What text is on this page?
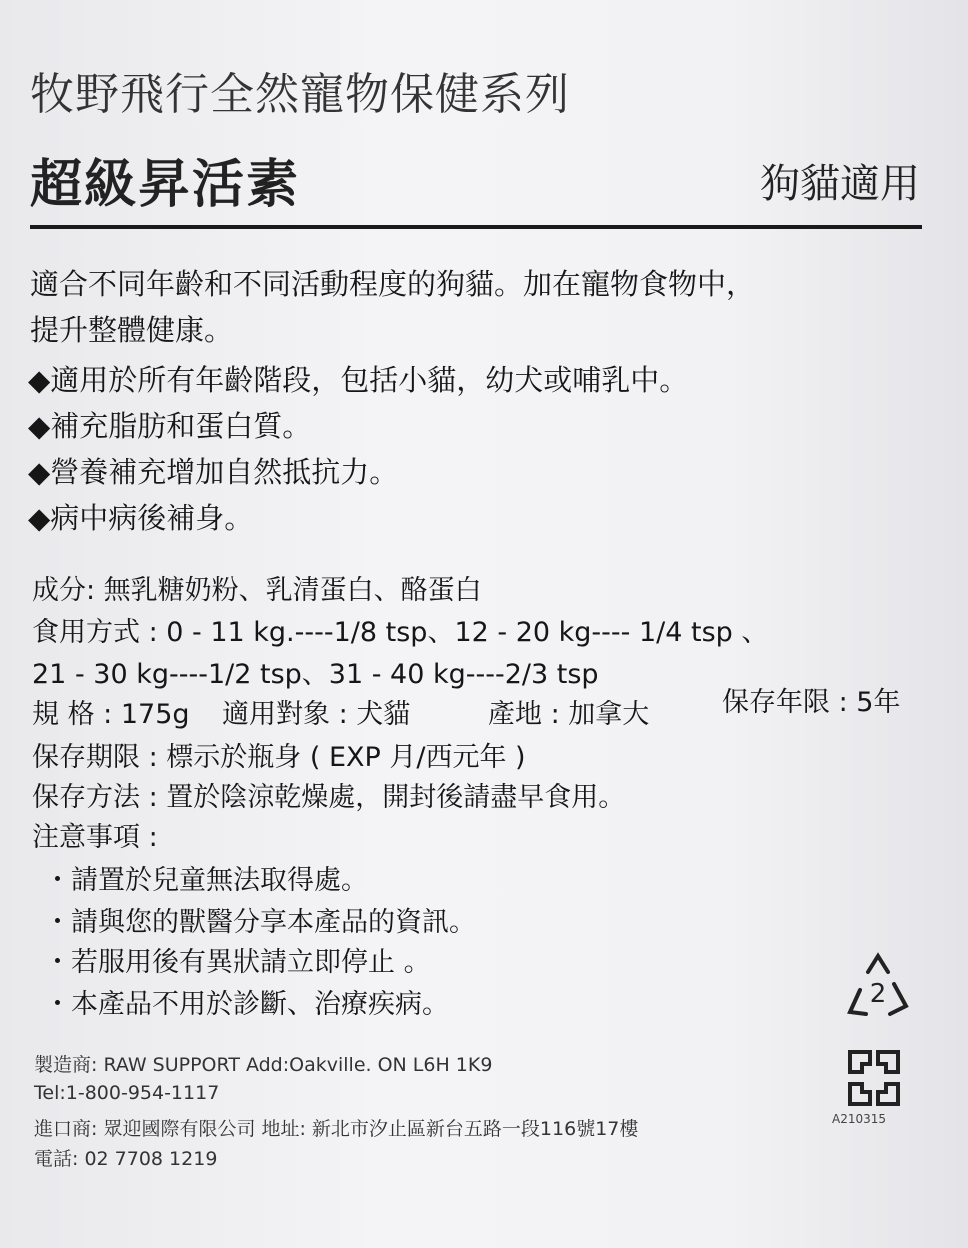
牧野飛行全然寵物保健系列
超級昇活素	狗貓適用
適合不同年齡和不同活動程度的狗貓。加在寵物食物中，
提升整體健康。
◆適用於所有年齡階段，包括小貓，幼犬或哺乳中。
◆補充脂肪和蛋白質。
◆營養補充增加自然抵抗力。
◆病中病後補身。
成分: 無乳糖奶粉、乳清蛋白、酪蛋白
食用方式 : 0 - 11 kg.----1/8 tsp、12 - 20 kg---- 1/4 tsp 、
21 - 30 kg----1/2 tsp、31 - 40 kg----2/3 tsp
規 格 : 175g 適用對象 : 犬貓	產地 : 加拿大	保存年限 : 5年
保存期限 : 標示於瓶身 ( EXP 月/西元年 )
保存方法 : 置於陰涼乾燥處，開封後請盡早食用。
注意事項 :
・請置於兒童無法取得處。
・請與您的獸醫分享本產品的資訊。
・若服用後有異狀請立即停止 。
・本產品不用於診斷、治療疾病。
製造商: RAW SUPPORT Add:Oakville. ON L6H 1K9
Tel:1-800-954-1117
進口商: 眾迎國際有限公司 地址: 新北市汐止區新台五路一段116號17樓
電話: 02 7708 1219
2
A210315
